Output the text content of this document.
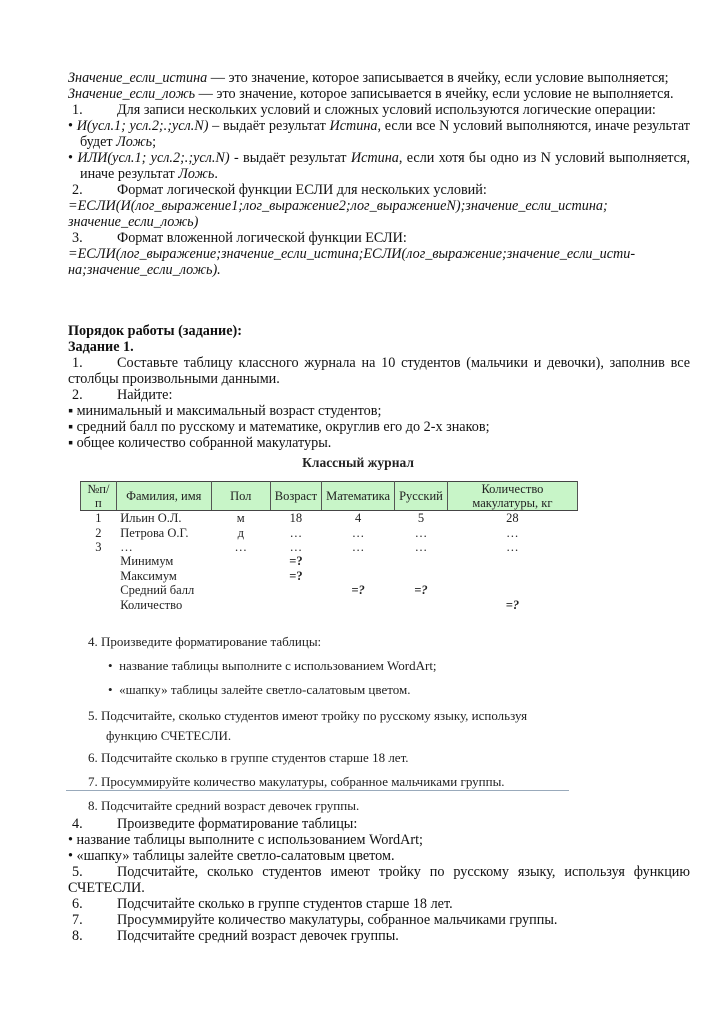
Значение_если_истина — это значение, которое записывается в ячейку, если условие выполняется;

Значение_если_ложь — это значение, которое записывается в ячейку, если условие не выполняется.

1. Для записи нескольких условий и сложных условий используются логические операции:

• И(усл.1; усл.2;.;усл.N) – выдаёт результат Истина, если все N условий выполняются, иначе результат будет Ложь;

• ИЛИ(усл.1; усл.2;.;усл.N) - выдаёт результат Истина, если хотя бы одно из N условий выполняется, иначе результат Ложь.

2. Формат логической функции ЕСЛИ для нескольких условий:

=ЕСЛИ(И(лог_выражение1;лог_выражение2;лог_выражениеN);значение_если_истина; значение_если_ложь)

3. Формат вложенной логической функции ЕСЛИ:

=ЕСЛИ(лог_выражение;значение_если_истина;ЕСЛИ(лог_выражение;значение_если_исти-на;значение_если_ложь).

Порядок работы (задание):

Задание 1.

1. Составьте таблицу классного журнала на 10 студентов (мальчики и девочки), заполнив все столбцы произвольными данными.

2. Найдите:

▪ минимальный и максимальный возраст студентов;

▪ средний балл по русскому и математике, округлив его до 2-х знаков;

▪ общее количество собранной макулатуры.

Классный журнал
№п/п	Фамилия, имя	Пол	Возраст	Математика	Русский	Количество макулатуры, кг
1	Ильин О.Л.	м	18	4	5	28
2	Петрова О.Г.	д	…	…	…	…
3	…	…	…	…	…	…
	Минимум		=?			
	Максимум		=?			
	Средний балл			=?	=?	
	Количество					=?
4. Произведите форматирование таблицы:
•  название таблицы выполните с использованием WordArt;
•  «шапку» таблицы залейте светло-салатовым цветом.
5. Подсчитайте, сколько студентов имеют тройку по русскому языку, используя
функцию СЧЕТЕСЛИ.
6. Подсчитайте сколько в группе студентов старше 18 лет.
7. Просуммируйте количество макулатуры, собранное мальчиками группы.
8. Подсчитайте средний возраст девочек группы.

4. Произведите форматирование таблицы:

• название таблицы выполните с использованием WordArt;

• «шапку» таблицы залейте светло-салатовым цветом.

5. Подсчитайте, сколько студентов имеют тройку по русскому языку, используя функцию СЧЕТЕСЛИ.

6. Подсчитайте сколько в группе студентов старше 18 лет.

7. Просуммируйте количество макулатуры, собранное мальчиками группы.

8. Подсчитайте средний возраст девочек группы.
